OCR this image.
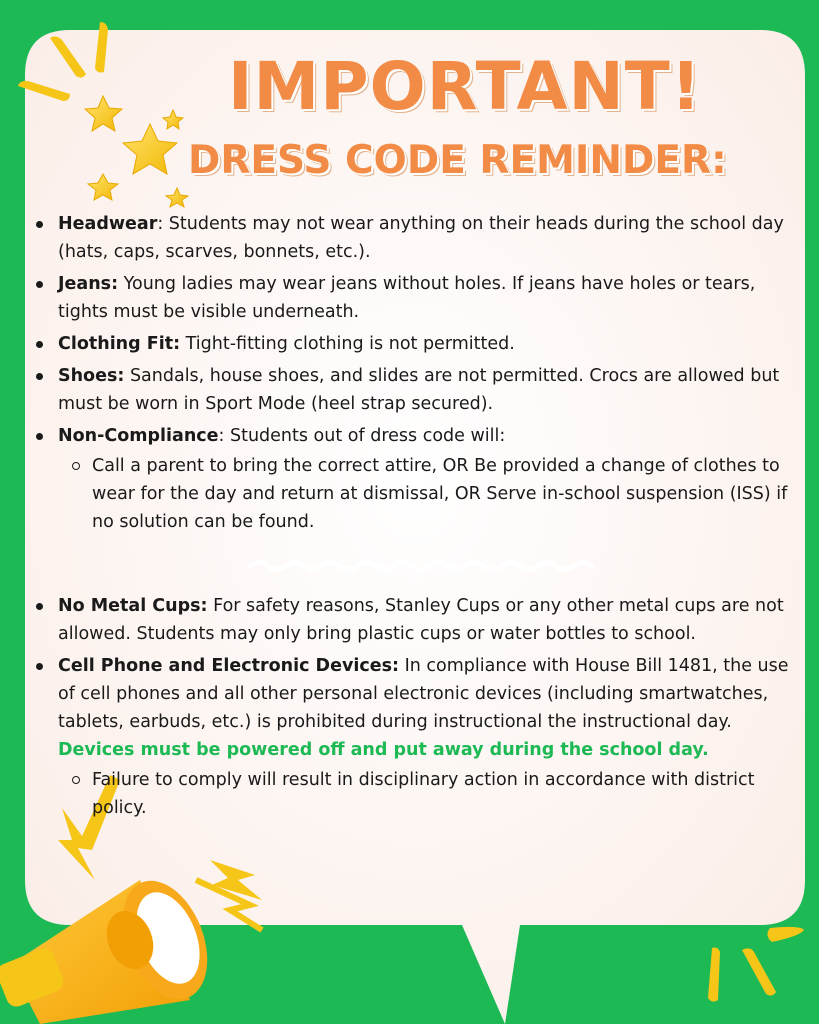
IMPORTANT!
DRESS CODE REMINDER:
Headwear: Students may not wear anything on their heads during the school day (hats, caps, scarves, bonnets, etc.).
Jeans: Young ladies may wear jeans without holes. If jeans have holes or tears, tights must be visible underneath.
Clothing Fit: Tight-fitting clothing is not permitted.
Shoes: Sandals, house shoes, and slides are not permitted. Crocs are allowed but must be worn in Sport Mode (heel strap secured).
Non-Compliance: Students out of dress code will:
Call a parent to bring the correct attire, OR Be provided a change of clothes to wear for the day and return at dismissal, OR Serve in-school suspension (ISS) if no solution can be found.
No Metal Cups: For safety reasons, Stanley Cups or any other metal cups are not allowed. Students may only bring plastic cups or water bottles to school.
Cell Phone and Electronic Devices: In compliance with House Bill 1481, the use of cell phones and all other personal electronic devices (including smartwatches, tablets, earbuds, etc.) is prohibited during instructional the instructional day. Devices must be powered off and put away during the school day.
Failure to comply will result in disciplinary action in accordance with district policy.
